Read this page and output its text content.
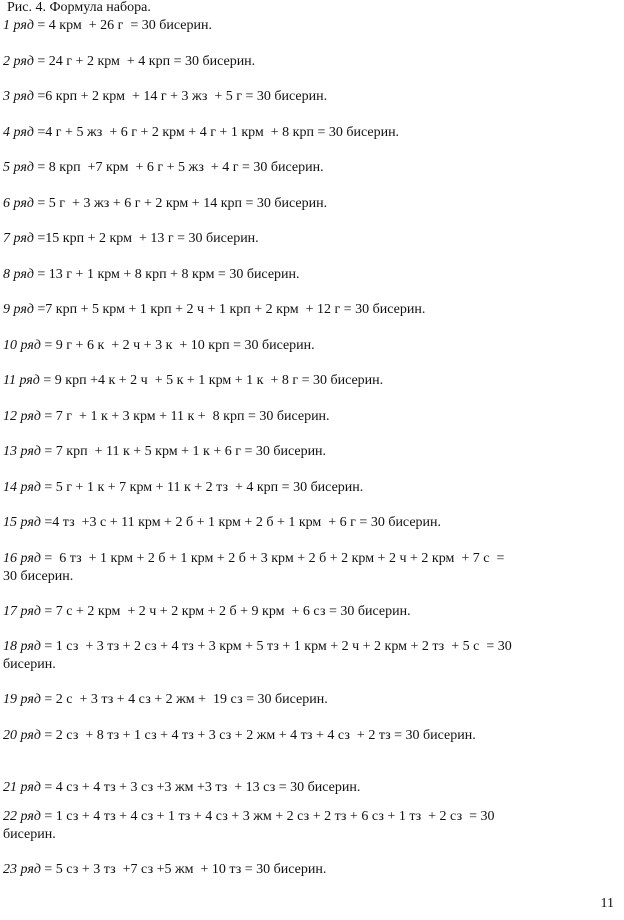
Рис. 4. Формула набора.
1 ряд = 4 крм  + 26 г  = 30 бисерин.
2 ряд = 24 г + 2 крм  + 4 крп = 30 бисерин.
3 ряд =6 крп + 2 крм  + 14 г + 3 жз  + 5 г = 30 бисерин.
4 ряд =4 г + 5 жз  + 6 г + 2 крм + 4 г + 1 крм  + 8 крп = 30 бисерин.
5 ряд = 8 крп  +7 крм  + 6 г + 5 жз  + 4 г = 30 бисерин.
6 ряд = 5 г  + 3 жз + 6 г + 2 крм + 14 крп = 30 бисерин.
7 ряд =15 крп + 2 крм  + 13 г = 30 бисерин.
8 ряд = 13 г + 1 крм + 8 крп + 8 крм = 30 бисерин.
9 ряд =7 крп + 5 крм + 1 крп + 2 ч + 1 крп + 2 крм  + 12 г = 30 бисерин.
10 ряд = 9 г + 6 к  + 2 ч + 3 к  + 10 крп = 30 бисерин.
11 ряд = 9 крп +4 к + 2 ч  + 5 к + 1 крм + 1 к  + 8 г = 30 бисерин.
12 ряд = 7 г  + 1 к + 3 крм + 11 к +  8 крп = 30 бисерин.
13 ряд = 7 крп  + 11 к + 5 крм + 1 к + 6 г = 30 бисерин.
14 ряд = 5 г + 1 к + 7 крм + 11 к + 2 тз  + 4 крп = 30 бисерин.
15 ряд =4 тз  +3 с + 11 крм + 2 б + 1 крм + 2 б + 1 крм  + 6 г = 30 бисерин.
16 ряд =  6 тз  + 1 крм + 2 б + 1 крм + 2 б + 3 крм + 2 б + 2 крм + 2 ч + 2 крм  + 7 с  =  30 бисерин.
17 ряд = 7 с + 2 крм  + 2 ч + 2 крм + 2 б + 9 крм  + 6 сз = 30 бисерин.
18 ряд = 1 сз  + 3 тз + 2 сз + 4 тз + 3 крм + 5 тз + 1 крм + 2 ч + 2 крм + 2 тз  + 5 с  = 30 бисерин.
19 ряд = 2 с  + 3 тз + 4 сз + 2 жм +  19 сз = 30 бисерин.
20 ряд = 2 сз  + 8 тз + 1 сз + 4 тз + 3 сз + 2 жм + 4 тз + 4 сз  + 2 тз = 30 бисерин.
21 ряд = 4 сз + 4 тз + 3 сз +3 жм +3 тз  + 13 сз = 30 бисерин.
22 ряд = 1 сз + 4 тз + 4 сз + 1 тз + 4 сз + 3 жм + 2 сз + 2 тз + 6 сз + 1 тз  + 2 сз  = 30 бисерин.
23 ряд = 5 сз + 3 тз  +7 сз +5 жм  + 10 тз = 30 бисерин.
11
